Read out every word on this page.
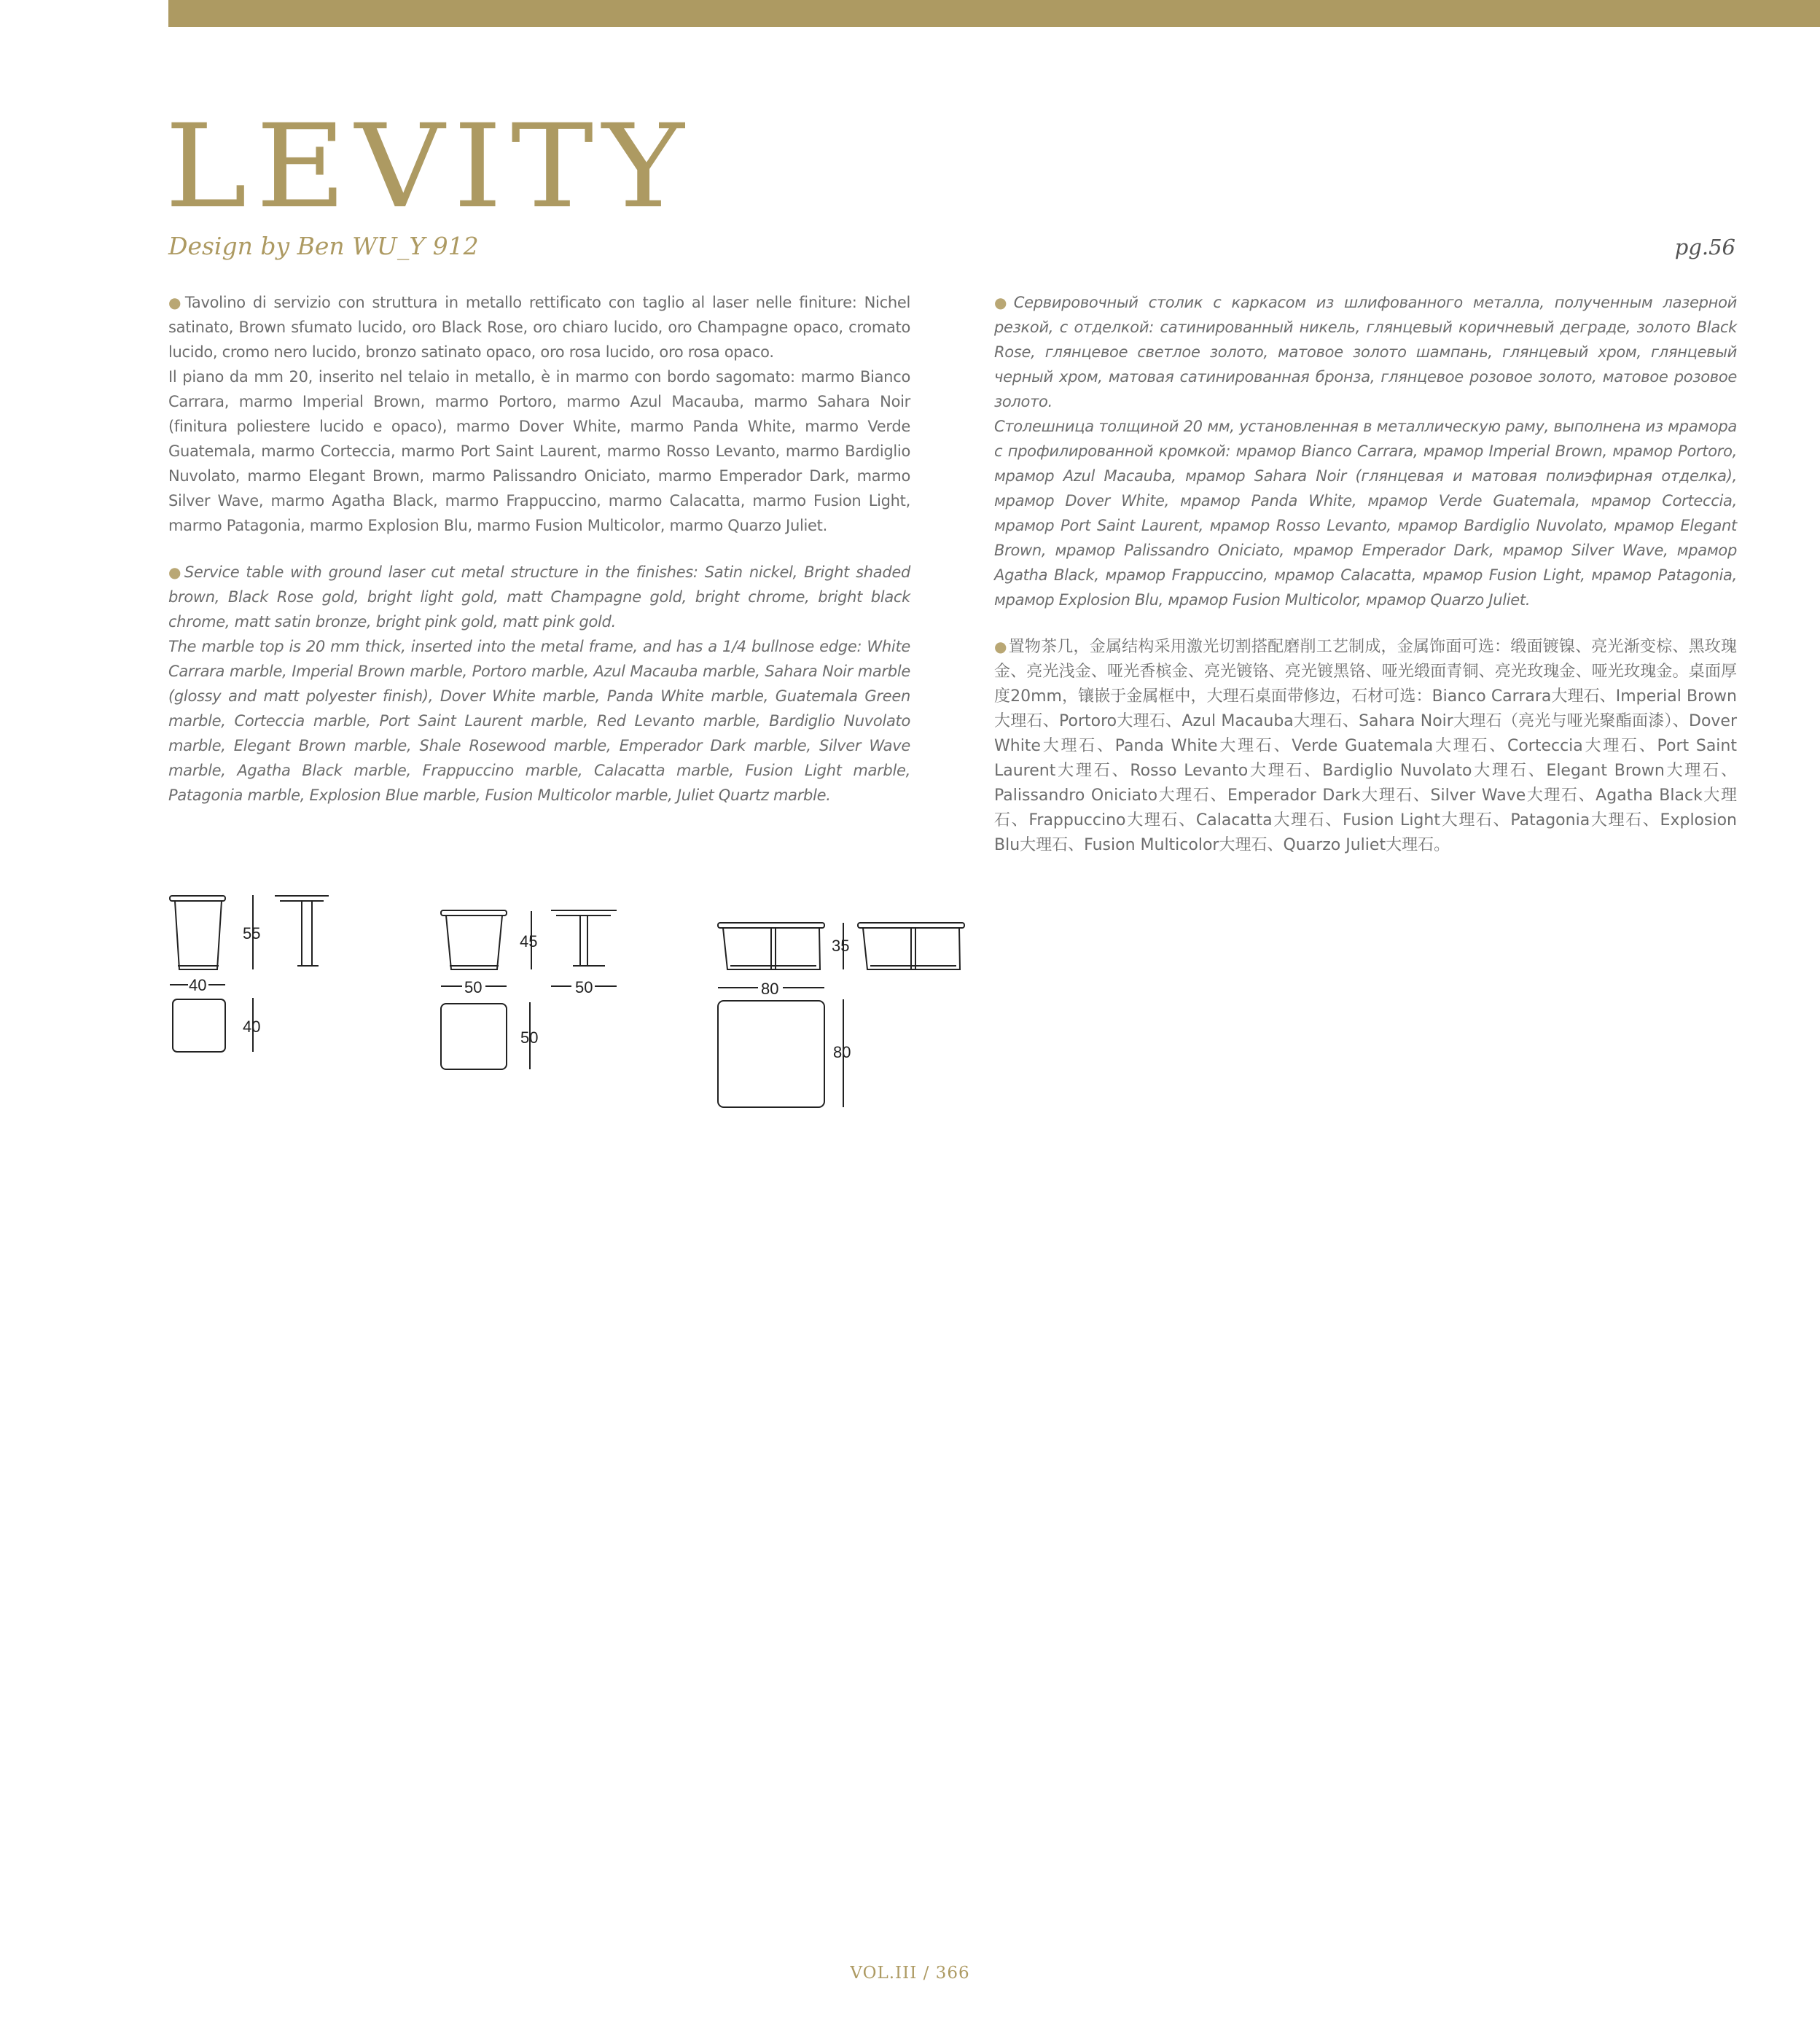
LEVITY
Design by Ben WU_Y 912	pg.56

●Tavolino di servizio con struttura in metallo rettificato con taglio al laser nelle finiture: Nichel satinato, Brown sfumato lucido, oro Black Rose, oro chiaro lucido, oro Champagne opaco, cromato lucido, cromo nero lucido, bronzo satinato opaco, oro rosa lucido, oro rosa opaco.

Il piano da mm 20, inserito nel telaio in metallo, è in marmo con bordo sagomato: marmo Bianco Carrara, marmo Imperial Brown, marmo Portoro, marmo Azul Macauba, marmo Sahara Noir (finitura poliestere lucido e opaco), marmo Dover White, marmo Panda White, marmo Verde Guatemala, marmo Corteccia, marmo Port Saint Laurent, marmo Rosso Levanto, marmo Bardiglio Nuvolato, marmo Elegant Brown, marmo Palissandro Oniciato, marmo Emperador Dark, marmo Silver Wave, marmo Agatha Black, marmo Frappuccino, marmo Calacatta, marmo Fusion Light, marmo Patagonia, marmo Explosion Blu, marmo Fusion Multicolor, marmo Quarzo Juliet.

●Service table with ground laser cut metal structure in the finishes: Satin nickel, Bright shaded brown, Black Rose gold, bright light gold, matt Champagne gold, bright chrome, bright black chrome, matt satin bronze, bright pink gold, matt pink gold.

The marble top is 20 mm thick, inserted into the metal frame, and has a 1/4 bullnose edge: White Carrara marble, Imperial Brown marble, Portoro marble, Azul Macauba marble, Sahara Noir marble (glossy and matt polyester finish), Dover White marble, Panda White marble, Guatemala Green marble, Corteccia marble, Port Saint Laurent marble, Red Levanto marble, Bardiglio Nuvolato marble, Elegant Brown marble, Shale Rosewood marble, Emperador Dark marble, Silver Wave marble, Agatha Black marble, Frappuccino marble, Calacatta marble, Fusion Light marble, Patagonia marble, Explosion Blue marble, Fusion Multicolor marble, Juliet Quartz marble.

●Сервировочный столик с каркасом из шлифованного металла, полученным лазерной резкой, с отделкой: сатинированный никель, глянцевый коричневый деграде, золото Black Rose, глянцевое светлое золото, матовое золото шампань, глянцевый хром, глянцевый черный хром, матовая сатинированная бронза, глянцевое розовое золото, матовое розовое золото.

Столешница толщиной 20 мм, установленная в металлическую раму, выполнена из мрамора с профилированной кромкой: мрамор Bianco Carrara, мрамор Imperial Brown, мрамор Portoro, мрамор Azul Macauba, мрамор Sahara Noir (глянцевая и матовая полиэфирная отделка), мрамор Dover White, мрамор Panda White, мрамор Verde Guatemala, мрамор Corteccia, мрамор Port Saint Laurent, мрамор Rosso Levanto, мрамор Bardiglio Nuvolato, мрамор Elegant Brown, мрамор Palissandro Oniciato, мрамор Emperador Dark, мрамор Silver Wave, мрамор Agatha Black, мрамор Frappuccino, мрамор Calacatta, мрамор Fusion Light, мрамор Patagonia, мрамор Explosion Blu, мрамор Fusion Multicolor, мрамор Quarzo Juliet.

●置物茶几，金属结构采用激光切割搭配磨削工艺制成，金属饰面可选：缎面镀镍、亮光渐变棕、黑玫瑰金、亮光浅金、哑光香槟金、亮光镀铬、亮光镀黑铬、哑光缎面青铜、亮光玫瑰金、哑光玫瑰金。桌面厚度20mm，镶嵌于金属框中，大理石桌面带修边，石材可选：Bianco Carrara大理石、Imperial Brown大理石、Portoro大理石、Azul Macauba大理石、Sahara Noir大理石（亮光与哑光聚酯面漆）、Dover White大理石、Panda White大理石、Verde Guatemala大理石、Corteccia大理石、Port Saint Laurent大理石、Rosso Levanto大理石、Bardiglio Nuvolato大理石、Elegant Brown大理石、Palissandro Oniciato大理石、Emperador Dark大理石、Silver Wave大理石、Agatha Black大理石、Frappuccino大理石、Calacatta大理石、Fusion Light大理石、Patagonia大理石、Explosion Blu大理石、Fusion Multicolor大理石、Quarzo Juliet大理石。

55
40
40
45
50	50
50
35
80
80
VOL.III / 366
